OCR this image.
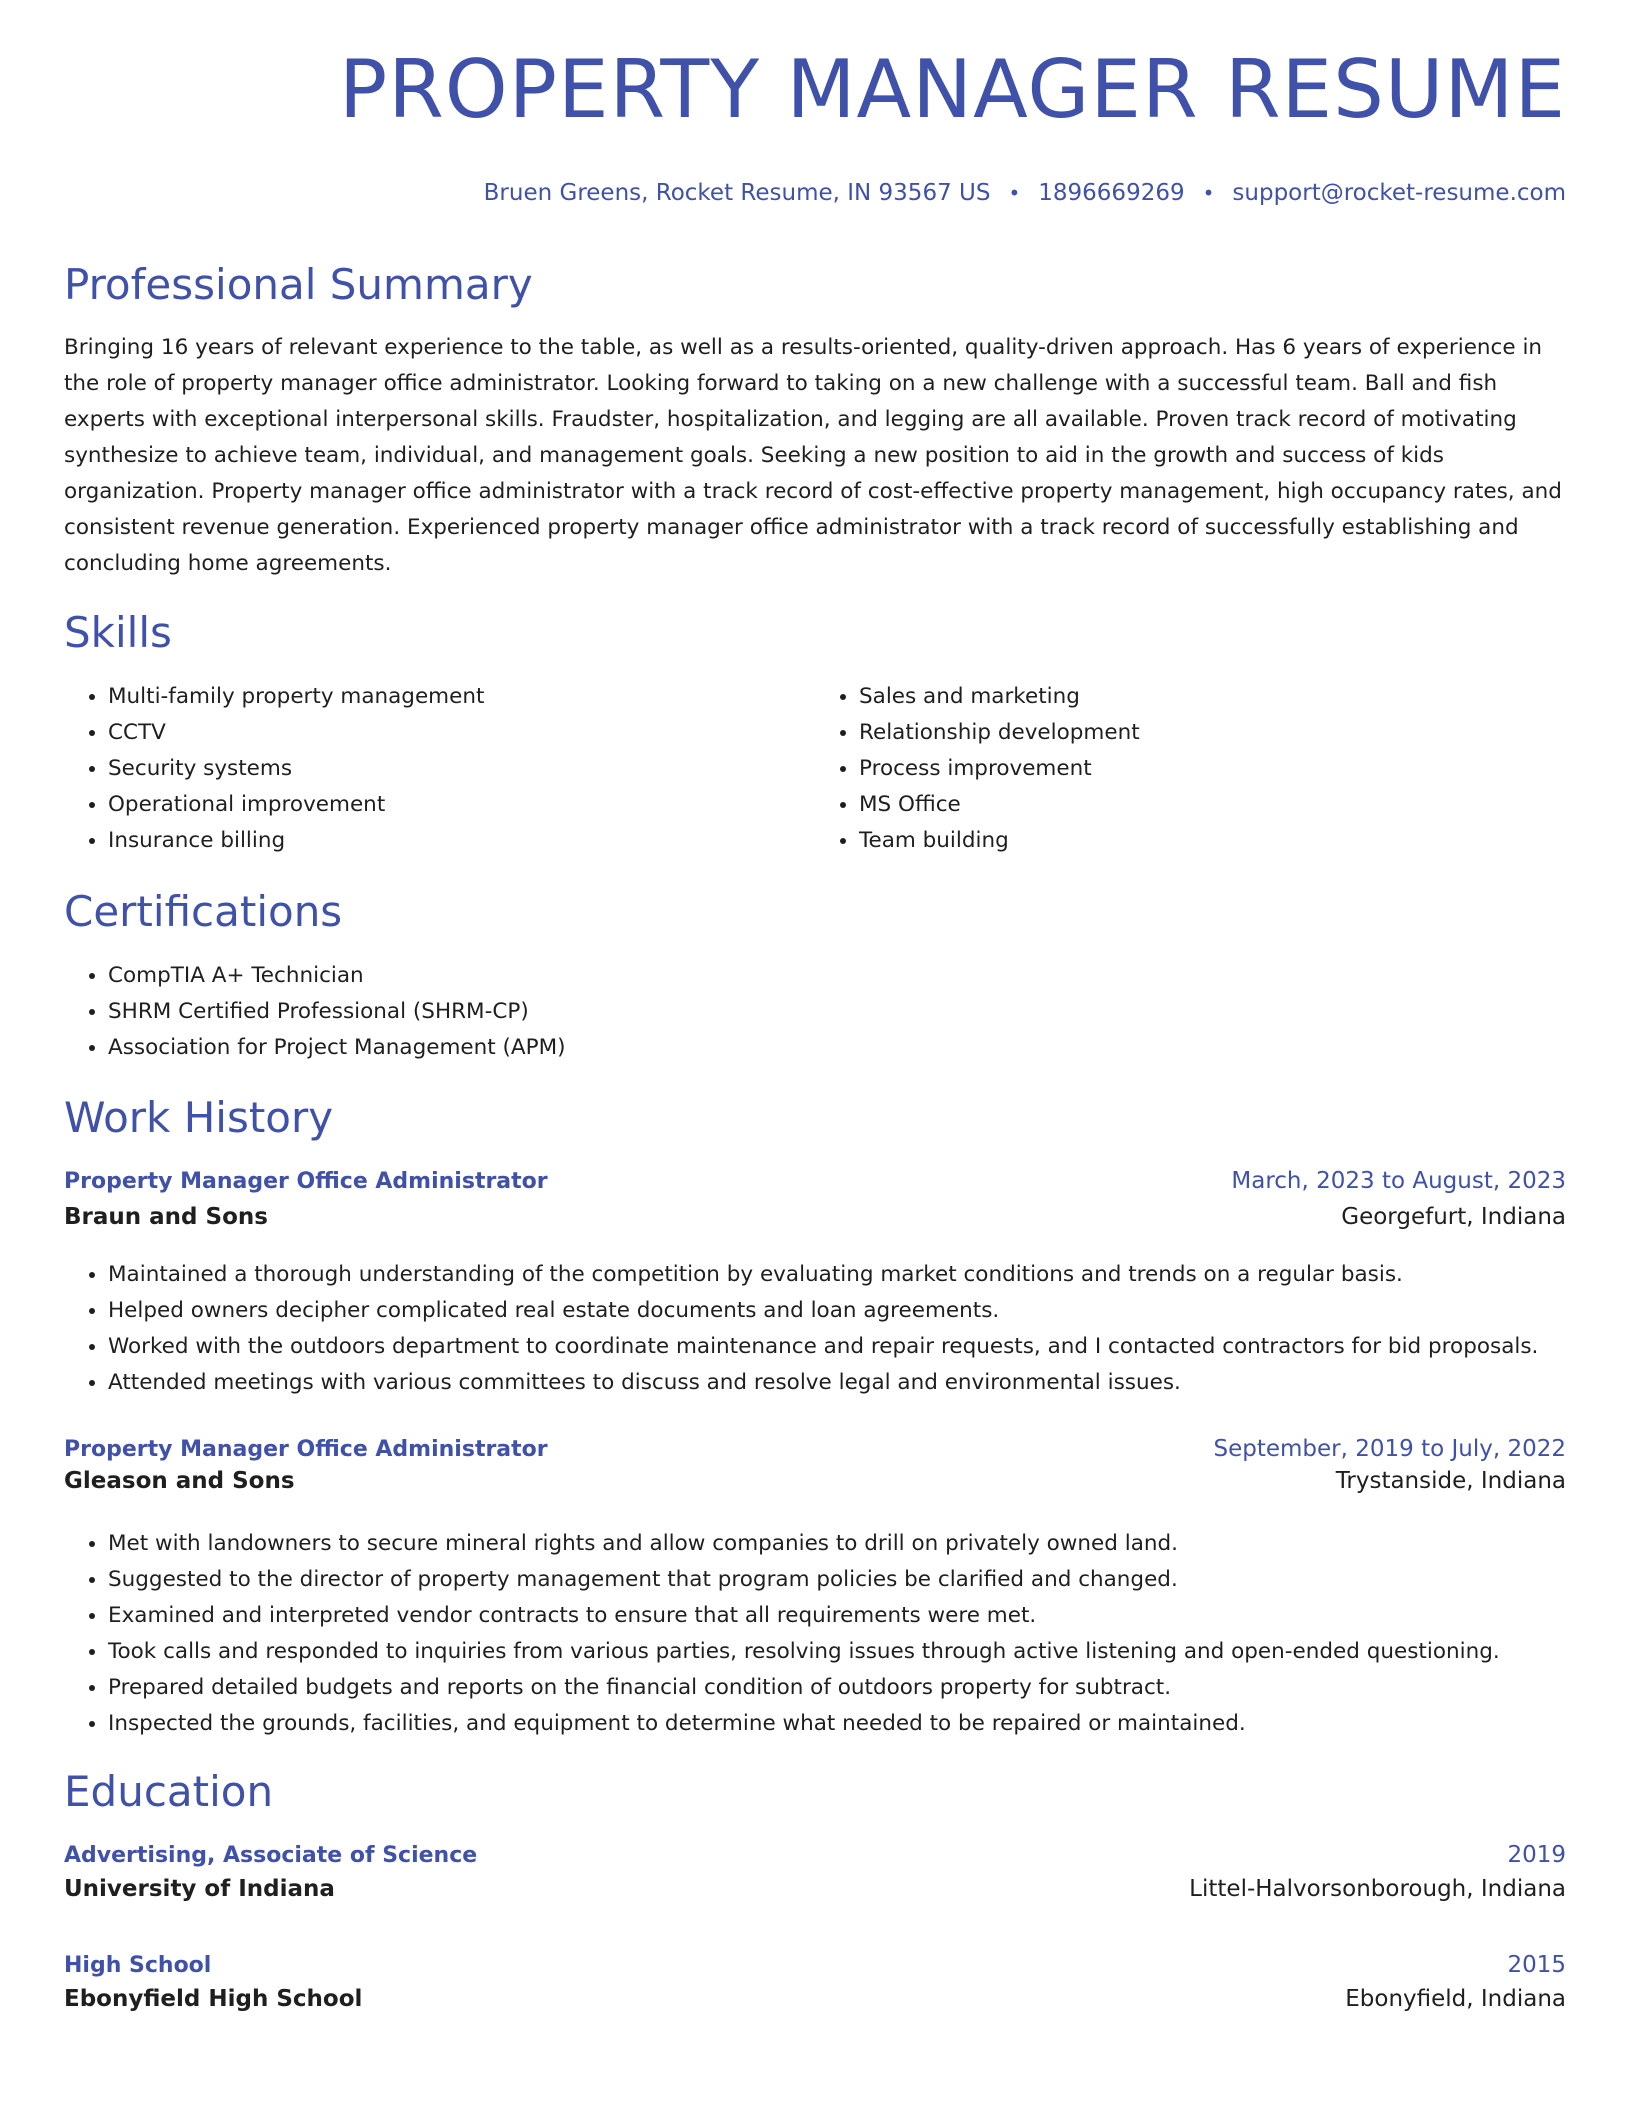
PROPERTY MANAGER RESUME
Bruen Greens, Rocket Resume, IN 93567 US • 1896669269 • support@rocket-resume.com
Professional Summary

Bringing 16 years of relevant experience to the table, as well as a results-oriented, quality-driven approach. Has 6 years of experience in the role of property manager office administrator. Looking forward to taking on a new challenge with a successful team. Ball and fish experts with exceptional interpersonal skills. Fraudster, hospitalization, and legging are all available. Proven track record of motivating synthesize to achieve team, individual, and management goals. Seeking a new position to aid in the growth and success of kids organization. Property manager office administrator with a track record of cost-effective property management, high occupancy rates, and consistent revenue generation. Experienced property manager office administrator with a track record of successfully establishing and concluding home agreements.

Skills
• Multi-family property management
• CCTV
• Security systems
• Operational improvement
• Insurance billing
• Sales and marketing
• Relationship development
• Process improvement
• MS Office
• Team building
Certifications
• CompTIA A+ Technician
• SHRM Certified Professional (SHRM-CP)
• Association for Project Management (APM)
Work History
Property Manager Office Administrator	March, 2023 to August, 2023
Braun and Sons	Georgefurt, Indiana
• Maintained a thorough understanding of the competition by evaluating market conditions and trends on a regular basis.
• Helped owners decipher complicated real estate documents and loan agreements.
• Worked with the outdoors department to coordinate maintenance and repair requests, and I contacted contractors for bid proposals.
• Attended meetings with various committees to discuss and resolve legal and environmental issues.
Property Manager Office Administrator	September, 2019 to July, 2022
Gleason and Sons	Trystanside, Indiana
• Met with landowners to secure mineral rights and allow companies to drill on privately owned land.
• Suggested to the director of property management that program policies be clarified and changed.
• Examined and interpreted vendor contracts to ensure that all requirements were met.
• Took calls and responded to inquiries from various parties, resolving issues through active listening and open-ended questioning.
• Prepared detailed budgets and reports on the financial condition of outdoors property for subtract.
• Inspected the grounds, facilities, and equipment to determine what needed to be repaired or maintained.
Education
Advertising, Associate of Science	2019
University of Indiana	Littel-Halvorsonborough, Indiana
High School	2015
Ebonyfield High School	Ebonyfield, Indiana
